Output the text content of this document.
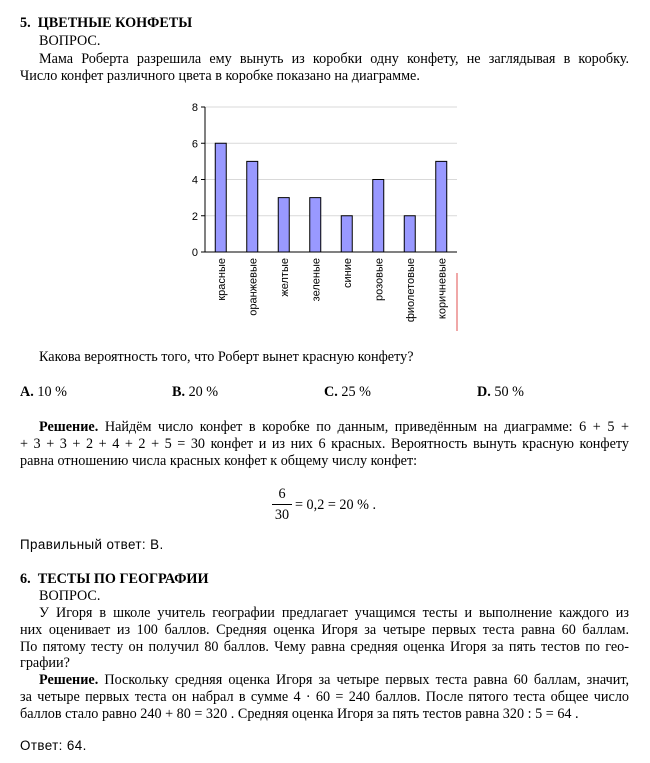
5. ЦВЕТНЫЕ КОНФЕТЫ
ВОПРОС.
Мама Роберта разрешила ему вынуть из коробки одну конфету, не заглядывая в коробку.
Число конфет различного цвета в коробке показано на диаграмме.
0
2
4
6
8
красные оранжевые желтые зеленые синие розовые фиолетовые коричневые
Какова вероятность того, что Роберт вынет красную конфету?
A. 10 %	B. 20 %	C. 25 %	D. 50 %
Решение. Найдём число конфет в коробке по данным, приведённым на диаграмме: 6 + 5 +
+ 3 + 3 + 2 + 4 + 2 + 5 = 30 конфет и из них 6 красных. Вероятность вынуть красную конфету
равна отношению числа красных конфет к общему числу конфет:
6
30
= 0,2 = 20 % .
Правильный ответ: B.
6. ТЕСТЫ ПО ГЕОГРАФИИ
ВОПРОС.
У Игоря в школе учитель географии предлагает учащимся тесты и выполнение каждого из
них оценивает из 100 баллов. Средняя оценка Игоря за четыре первых теста равна 60 баллам.
По пятому тесту он получил 80 баллов. Чему равна средняя оценка Игоря за пять тестов по гео-
графии?
Решение. Поскольку средняя оценка Игоря за четыре первых теста равна 60 баллам, значит,
за четыре первых теста он набрал в сумме 4 · 60 = 240 баллов. После пятого теста общее число
баллов стало равно 240 + 80 = 320 . Средняя оценка Игоря за пять тестов равна 320 : 5 = 64 .
Ответ: 64.
